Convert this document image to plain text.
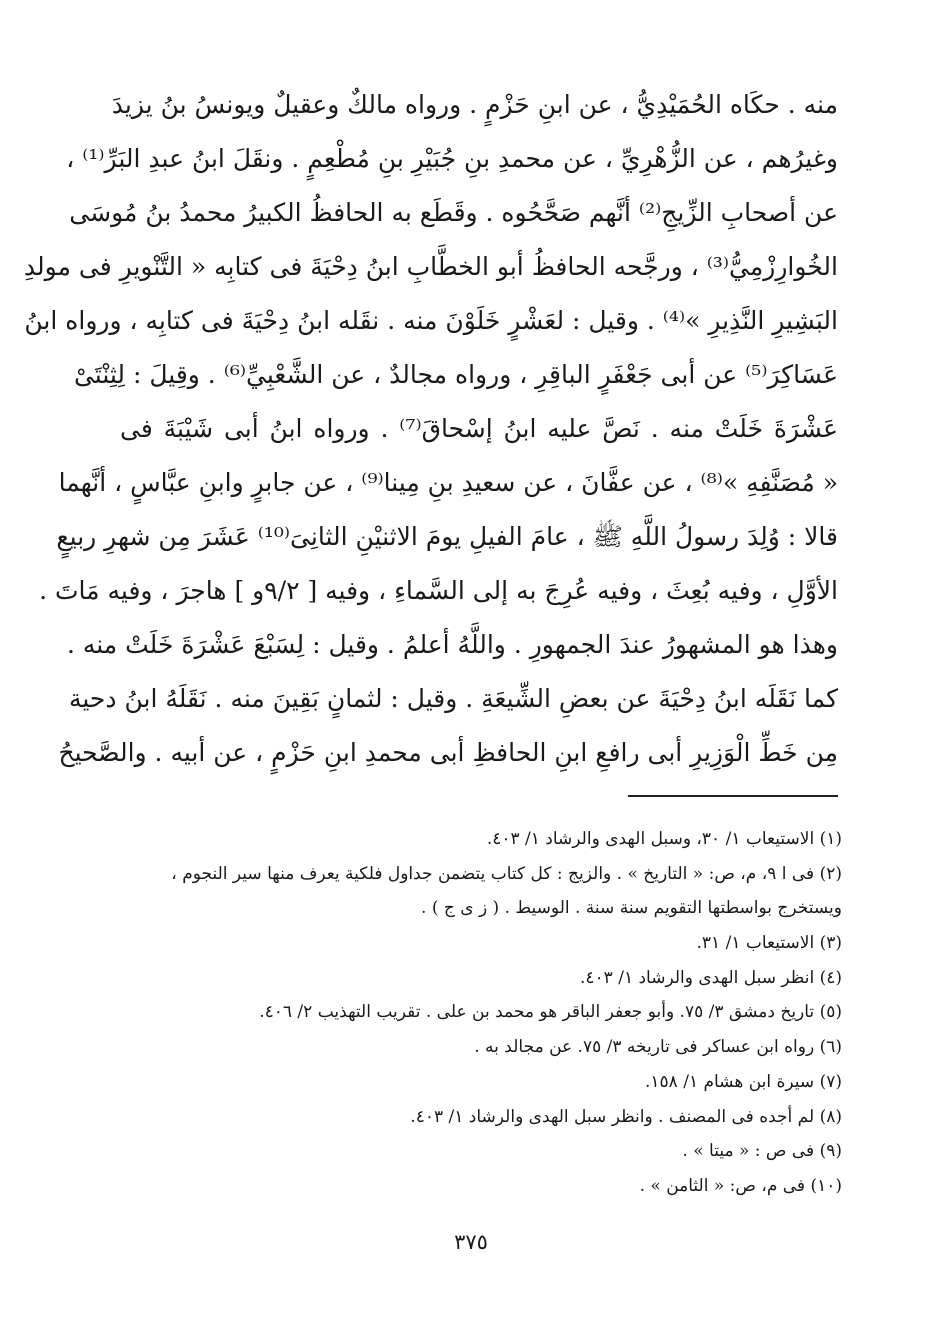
منه . حكَاه الحُمَيْدِيُّ ، عن ابنِ حَزْمٍ . ورواه مالكٌ وعقيلٌ ويونسُ بنُ يزيدَ
وغيرُهم ، عن الزُّهْرِيِّ ، عن محمدِ بنِ جُبَيْرِ بنِ مُطْعِمٍ . ونقَلَ ابنُ عبدِ البَرِّ⁽¹⁾ ،
عن أصحابِ الزِّيجِ⁽²⁾ أنَّهم صَحَّحُوه . وقَطَع به الحافظُ الكبيرُ محمدُ بنُ مُوسَى
الخُوارِزْمِيُّ⁽³⁾ ، ورجَّحه الحافظُ أبو الخطَّابِ ابنُ دِحْيَةَ فى كتابِه « التَّنْويرِ فى مولدِ
البَشِيرِ النَّذِيرِ »⁽⁴⁾ . وقيل : لعَشْرٍ خَلَوْنَ منه . نقَله ابنُ دِحْيَةَ فى كتابِه ، ورواه ابنُ
عَسَاكِرَ⁽⁵⁾ عن أبى جَعْفَرٍ الباقِرِ ، ورواه مجالدٌ ، عن الشَّعْبِيِّ⁽⁶⁾ . وقِيلَ : لِثِنْتَىْ
عَشْرَةَ خَلَتْ منه . نَصَّ عليه ابنُ إسْحاقَ⁽⁷⁾ . ورواه ابنُ أبى شَيْبَةَ فى
« مُصَنَّفِهِ »⁽⁸⁾ ، عن عفَّانَ ، عن سعيدِ بنِ مِينا⁽⁹⁾ ، عن جابرٍ وابنِ عبَّاسٍ ، أنَّهما
قالا : وُلِدَ رسولُ اللَّهِ ﷺ ، عامَ الفيلِ يومَ الاثنيْنِ الثانِىَ⁽¹⁰⁾ عَشَرَ مِن شهرِ ربيعٍ
الأوَّلِ ، وفيه بُعِثَ ، وفيه عُرِجَ به إلى السَّماءِ ، وفيه [ ٩/٢و ] هاجرَ ، وفيه مَاتَ .
وهذا هو المشهورُ عندَ الجمهورِ . واللَّهُ أعلمُ . وقيل : لِسَبْعَ عَشْرَةَ خَلَتْ منه .
كما نَقَلَه ابنُ دِحْيَةَ عن بعضِ الشِّيعَةِ . وقيل : لثمانٍ بَقِينَ منه . نَقَلَهُ ابنُ دحية
مِن خَطِّ الْوَزِيرِ أبى رافعِ ابنِ الحافظِ أبى محمدِ ابنِ حَزْمٍ ، عن أبيه . والصَّحيحُ
(١) الاستيعاب ١/ ٣٠، وسبل الهدى والرشاد ١/ ٤٠٣.
(٢) فى ا ٩، م، ص: « التاريخ » . والزيج : كل كتاب يتضمن جداول فلكية يعرف منها سير النجوم ،
ويستخرج بواسطتها التقويم سنة سنة . الوسيط . ( ز ى ج ) .
(٣) الاستيعاب ١/ ٣١.
(٤) انظر سبل الهدى والرشاد ١/ ٤٠٣.
(٥) تاريخ دمشق ٣/ ٧٥. وأبو جعفر الباقر هو محمد بن على . تقريب التهذيب ٢/ ٤٠٦.
(٦) رواه ابن عساكر فى تاريخه ٣/ ٧٥. عن مجالد به .
(٧) سيرة ابن هشام ١/ ١٥٨.
(٨) لم أجده فى المصنف . وانظر سبل الهدى والرشاد ١/ ٤٠٣.
(٩) فى ص : « ميتا » .
(١٠) فى م، ص: « الثامن » .
٣٧٥
